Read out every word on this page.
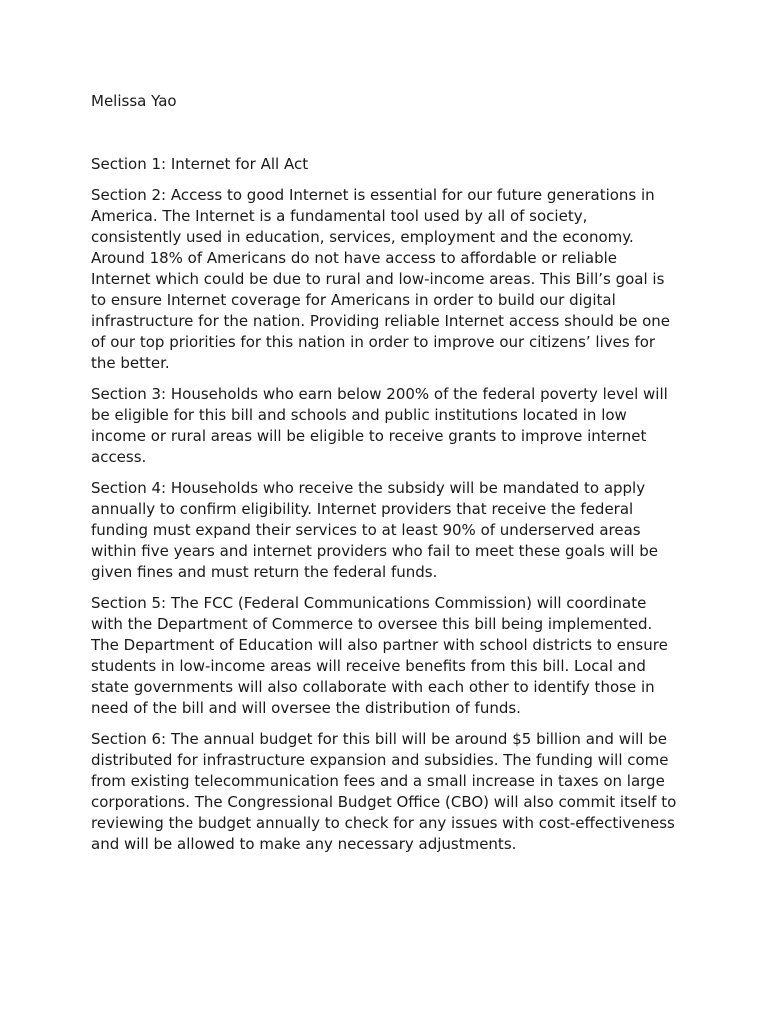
Melissa Yao

Section 1: Internet for All Act

Section 2: Access to good Internet is essential for our future generations in America. The Internet is a fundamental tool used by all of society, consistently used in education, services, employment and the economy. Around 18% of Americans do not have access to affordable or reliable Internet which could be due to rural and low-income areas. This Bill’s goal is to ensure Internet coverage for Americans in order to build our digital infrastructure for the nation. Providing reliable Internet access should be one of our top priorities for this nation in order to improve our citizens’ lives for the better.

Section 3: Households who earn below 200% of the federal poverty level will be eligible for this bill and schools and public institutions located in low income or rural areas will be eligible to receive grants to improve internet access.

Section 4: Households who receive the subsidy will be mandated to apply annually to confirm eligibility. Internet providers that receive the federal funding must expand their services to at least 90% of underserved areas within five years and internet providers who fail to meet these goals will be given fines and must return the federal funds.

Section 5: The FCC (Federal Communications Commission) will coordinate with the Department of Commerce to oversee this bill being implemented. The Department of Education will also partner with school districts to ensure students in low-income areas will receive benefits from this bill. Local and state governments will also collaborate with each other to identify those in need of the bill and will oversee the distribution of funds.

Section 6: The annual budget for this bill will be around $5 billion and will be distributed for infrastructure expansion and subsidies. The funding will come from existing telecommunication fees and a small increase in taxes on large corporations. The Congressional Budget Office (CBO) will also commit itself to reviewing the budget annually to check for any issues with cost-effectiveness and will be allowed to make any necessary adjustments.
